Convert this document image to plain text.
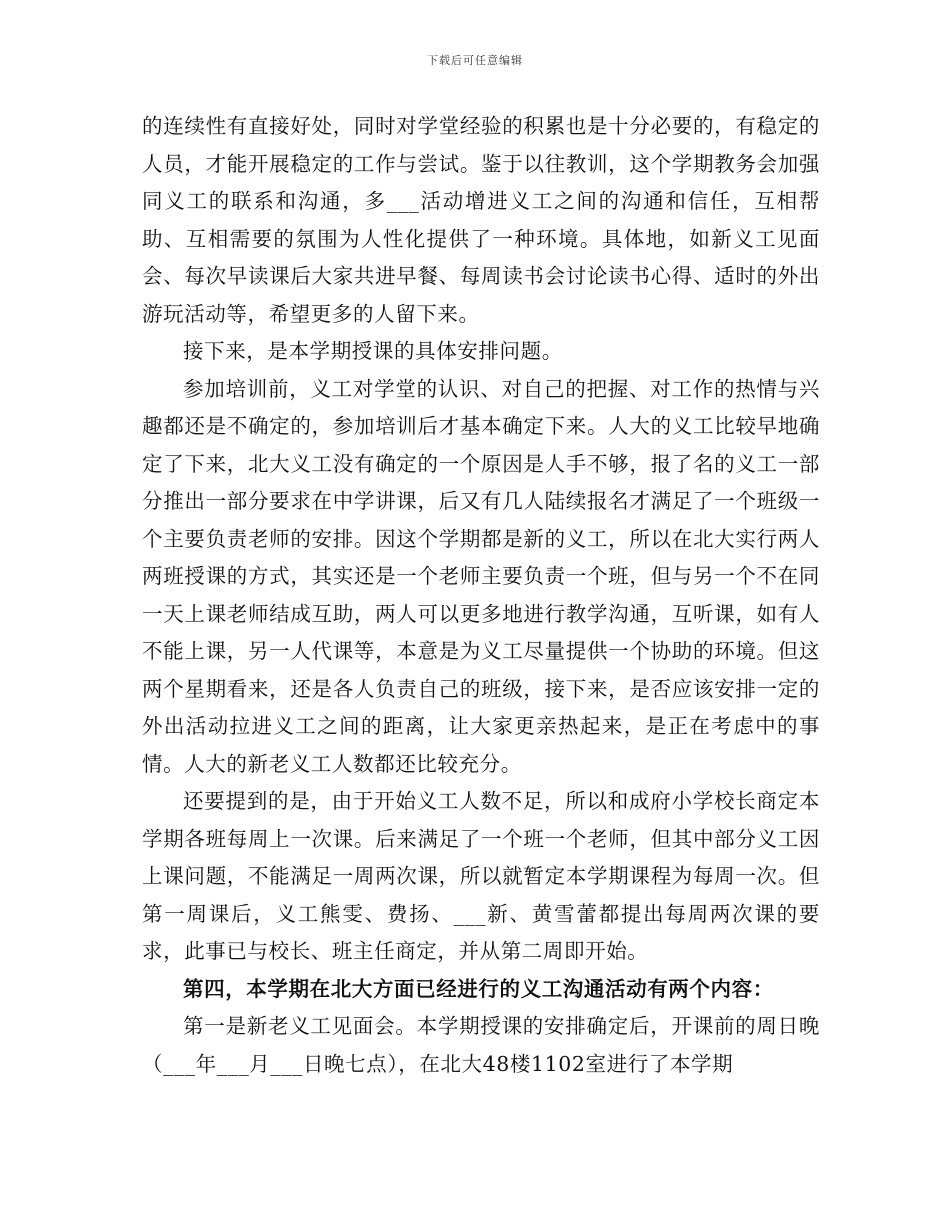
下载后可任意编辑

的连续性有直接好处，同时对学堂经验的积累也是十分必要的，有稳定的人员，才能开展稳定的工作与尝试。鉴于以往教训，这个学期教务会加强同义工的联系和沟通，多___活动增进义工之间的沟通和信任，互相帮助、互相需要的氛围为人性化提供了一种环境。具体地，如新义工见面会、每次早读课后大家共进早餐、每周读书会讨论读书心得、适时的外出游玩活动等，希望更多的人留下来。

接下来，是本学期授课的具体安排问题。

参加培训前，义工对学堂的认识、对自己的把握、对工作的热情与兴趣都还是不确定的，参加培训后才基本确定下来。人大的义工比较早地确定了下来，北大义工没有确定的一个原因是人手不够，报了名的义工一部分推出一部分要求在中学讲课，后又有几人陆续报名才满足了一个班级一个主要负责老师的安排。因这个学期都是新的义工，所以在北大实行两人两班授课的方式，其实还是一个老师主要负责一个班，但与另一个不在同一天上课老师结成互助，两人可以更多地进行教学沟通，互听课，如有人不能上课，另一人代课等，本意是为义工尽量提供一个协助的环境。但这两个星期看来，还是各人负责自己的班级，接下来，是否应该安排一定的外出活动拉进义工之间的距离，让大家更亲热起来，是正在考虑中的事情。人大的新老义工人数都还比较充分。

还要提到的是，由于开始义工人数不足，所以和成府小学校长商定本学期各班每周上一次课。后来满足了一个班一个老师，但其中部分义工因上课问题，不能满足一周两次课，所以就暂定本学期课程为每周一次。但第一周课后，义工熊雯、费扬、___新、黄雪蕾都提出每周两次课的要求，此事已与校长、班主任商定，并从第二周即开始。

第四，本学期在北大方面已经进行的义工沟通活动有两个内容：

第一是新老义工见面会。本学期授课的安排确定后，开课前的周日晚（___年___月___日晚七点），在北大48楼1102室进行了本学期
